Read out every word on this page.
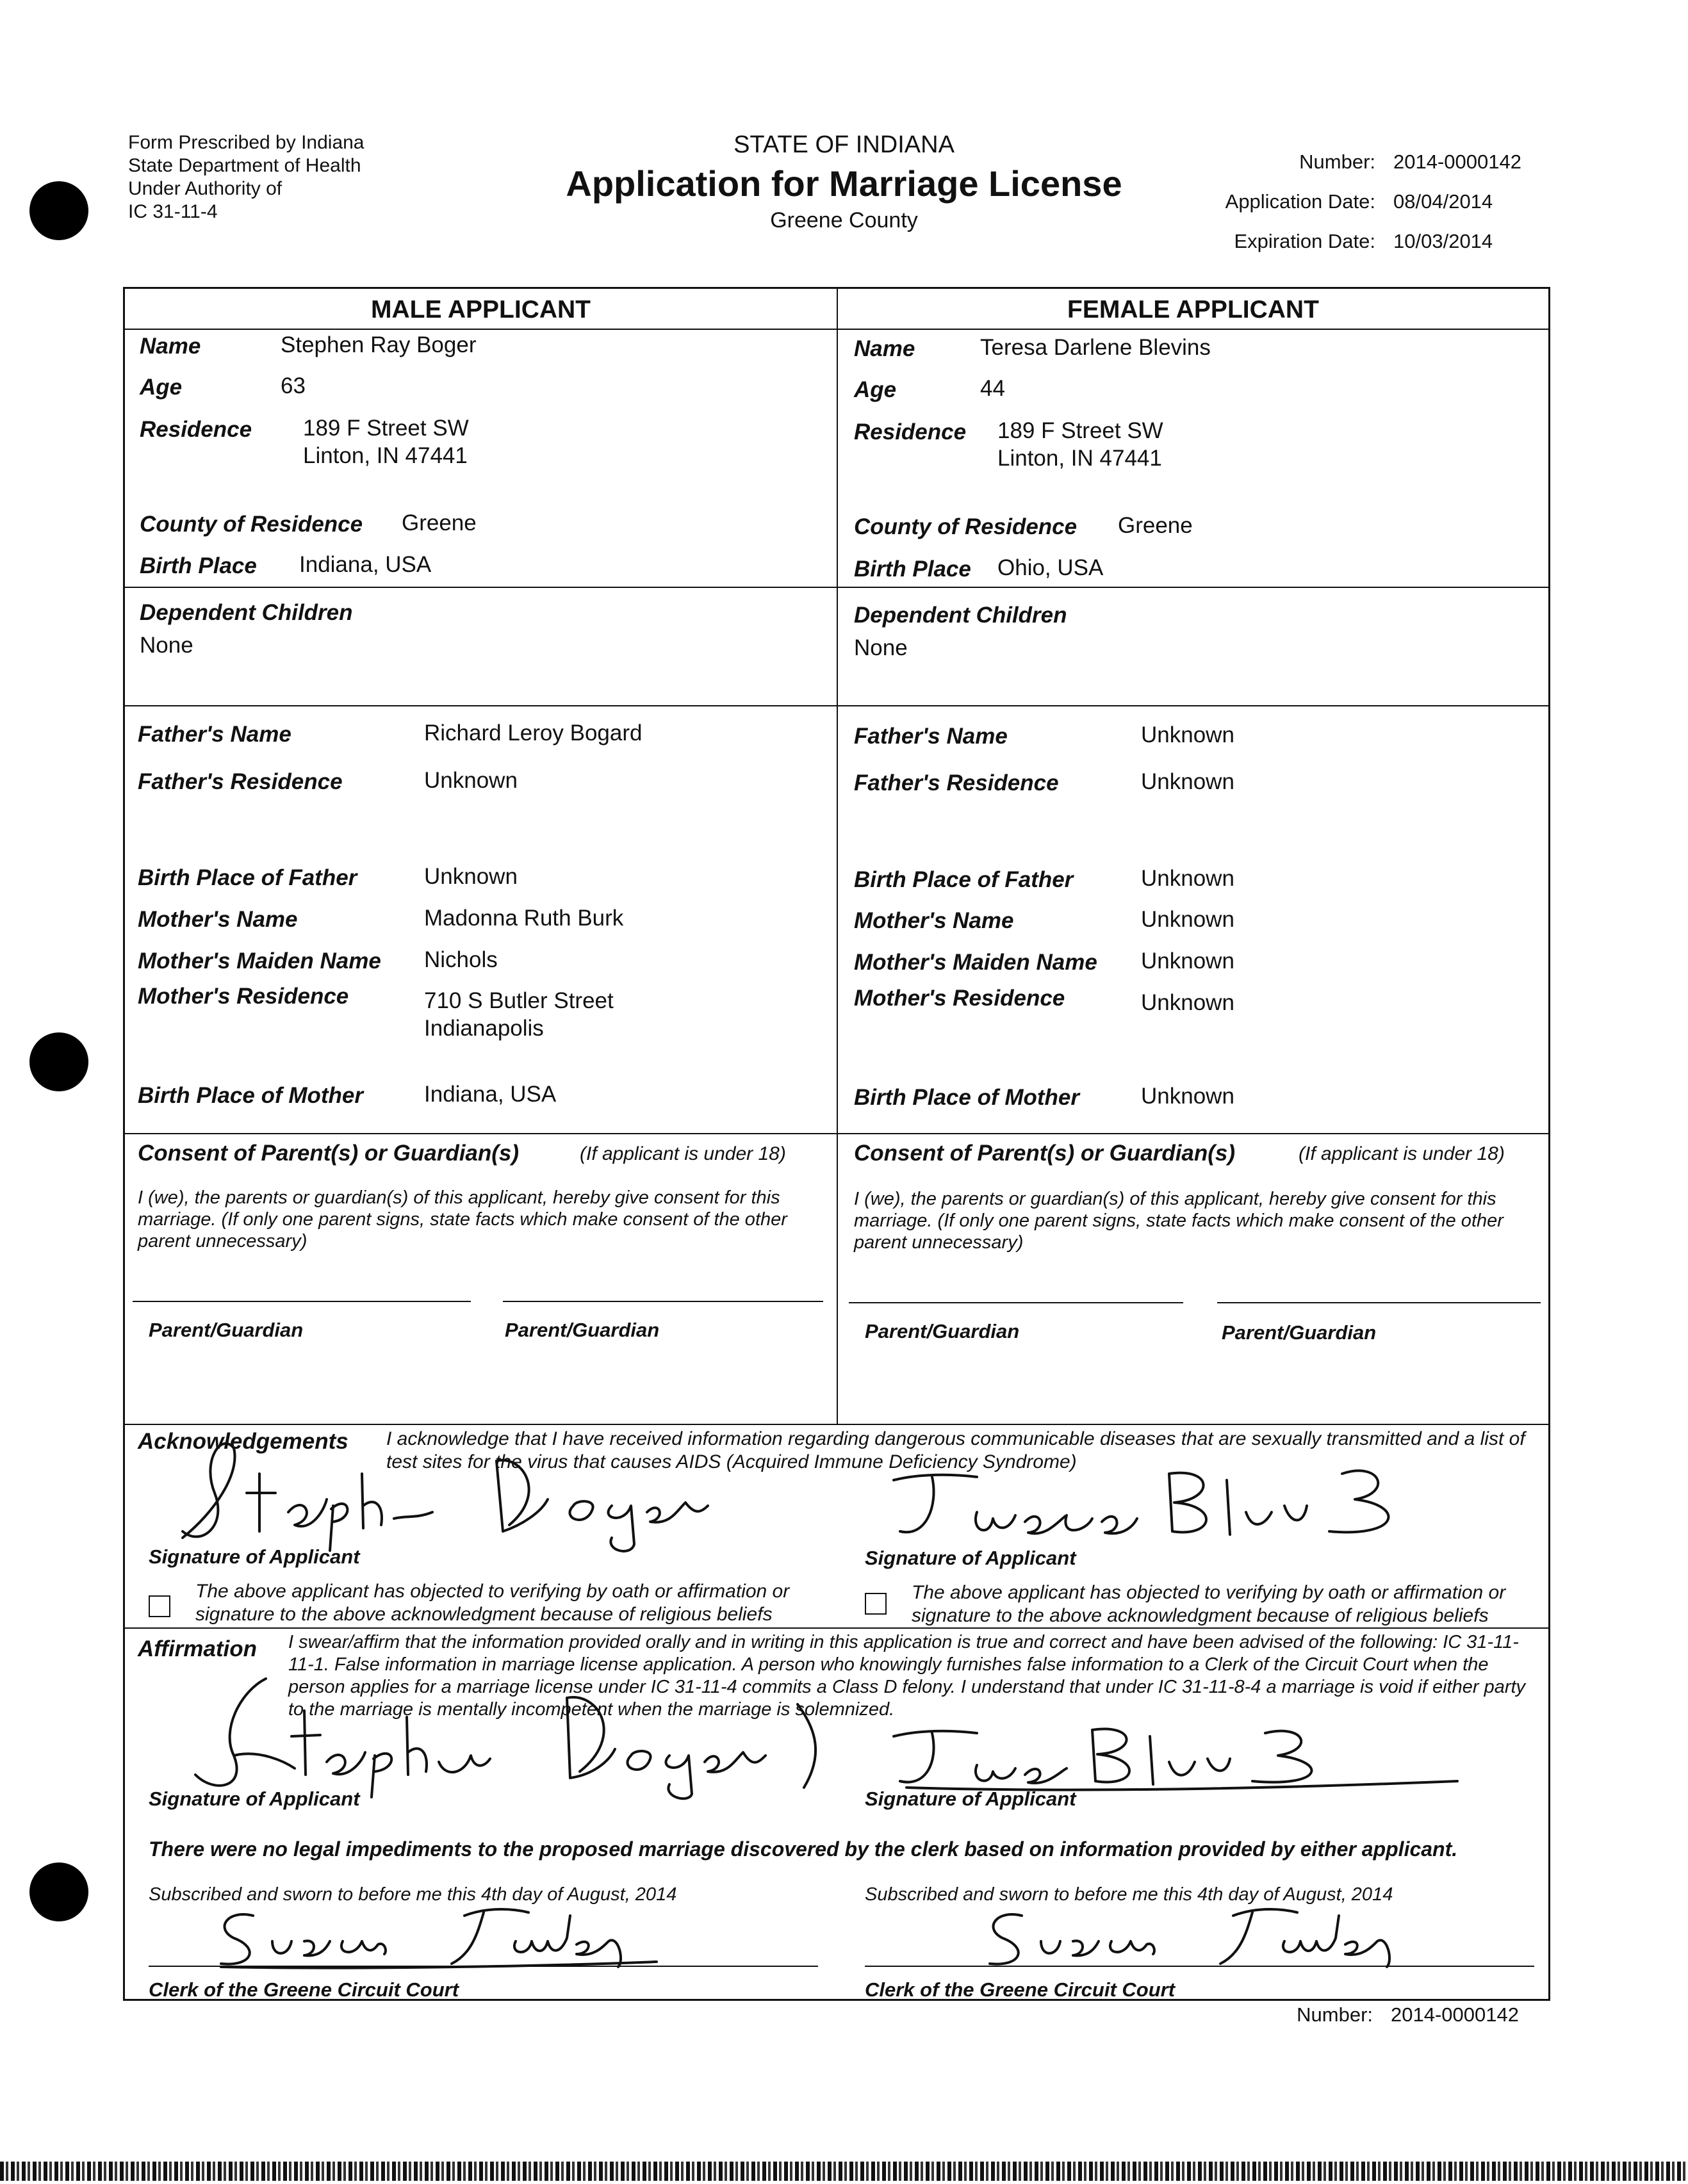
Form Prescribed by Indiana
State Department of Health
Under Authority of
IC 31-11-4
STATE OF INDIANA
Application for Marriage License
Greene County
Number: 2014-0000142
Application Date: 08/04/2014
Expiration Date: 10/03/2014
MALE APPLICANT	FEMALE APPLICANT
Name	Stephen Ray Boger
Age	63
Residence 189 F Street SW
Linton, IN 47441
County of Residence Greene
Birth Place Indiana, USA
Dependent Children
None
Name	Teresa Darlene Blevins
Age	44
Residence 189 F Street SW
Linton, IN 47441
County of Residence Greene
Birth Place Ohio, USA
Dependent Children
None
Father's Name	Richard Leroy Bogard
Father's Residence	Unknown
Birth Place of Father	Unknown
Mother's Name	Madonna Ruth Burk
Mother's Maiden Name Nichols
Mother's Residence	710 S Butler Street
Indianapolis
Birth Place of Mother	Indiana, USA
Father's Name	Unknown
Father's Residence	Unknown
Birth Place of Father	Unknown
Mother's Name	Unknown
Mother's Maiden Name Unknown
Mother's Residence	Unknown
Birth Place of Mother	Unknown
Consent of Parent(s) or Guardian(s)	(If applicant is under 18)
I (we), the parents or guardian(s) of this applicant, hereby give consent for this marriage. (If only one parent signs, state facts which make consent of the other parent unnecessary)
Parent/Guardian	Parent/Guardian
Consent of Parent(s) or Guardian(s)	(If applicant is under 18)
I (we), the parents or guardian(s) of this applicant, hereby give consent for this marriage. (If only one parent signs, state facts which make consent of the other parent unnecessary)
Parent/Guardian	Parent/Guardian
Acknowledgements I acknowledge that I have received information regarding dangerous communicable diseases that are sexually transmitted and a list of test sites for the virus that causes AIDS (Acquired Immune Deficiency Syndrome)
Signature of Applicant	Signature of Applicant
The above applicant has objected to verifying by oath or affirmation or signature to the above acknowledgment because of religious beliefs
The above applicant has objected to verifying by oath or affirmation or signature to the above acknowledgment because of religious beliefs
Affirmation I swear/affirm that the information provided orally and in writing in this application is true and correct and have been advised of the following: IC 31-11-11-1. False information in marriage license application. A person who knowingly furnishes false information to a Clerk of the Circuit Court when the person applies for a marriage license under IC 31-11-4 commits a Class D felony. I understand that under IC 31-11-8-4 a marriage is void if either party to the marriage is mentally incompetent when the marriage is solemnized.
Signature of Applicant	Signature of Applicant
There were no legal impediments to the proposed marriage discovered by the clerk based on information provided by either applicant.
Subscribed and sworn to before me this 4th day of August, 2014
Clerk of the Greene Circuit Court
Subscribed and sworn to before me this 4th day of August, 2014
Clerk of the Greene Circuit Court
Number: 2014-0000142
